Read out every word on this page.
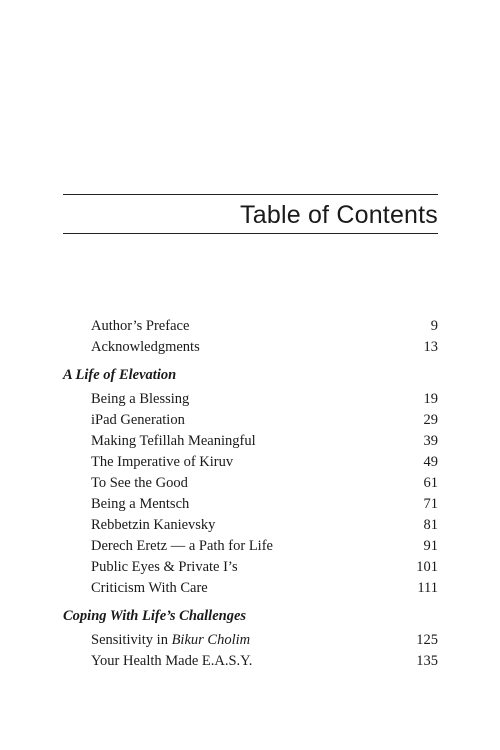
Table of Contents
Author’s Preface	9
Acknowledgments	13
A Life of Elevation
Being a Blessing	19
iPad Generation	29
Making Tefillah Meaningful	39
The Imperative of Kiruv	49
To See the Good	61
Being a Mentsch	71
Rebbetzin Kanievsky	81
Derech Eretz — a Path for Life	91
Public Eyes & Private I’s	101
Criticism With Care	111
Coping With Life’s Challenges
Sensitivity in Bikur Cholim	125
Your Health Made E.A.S.Y.	135
